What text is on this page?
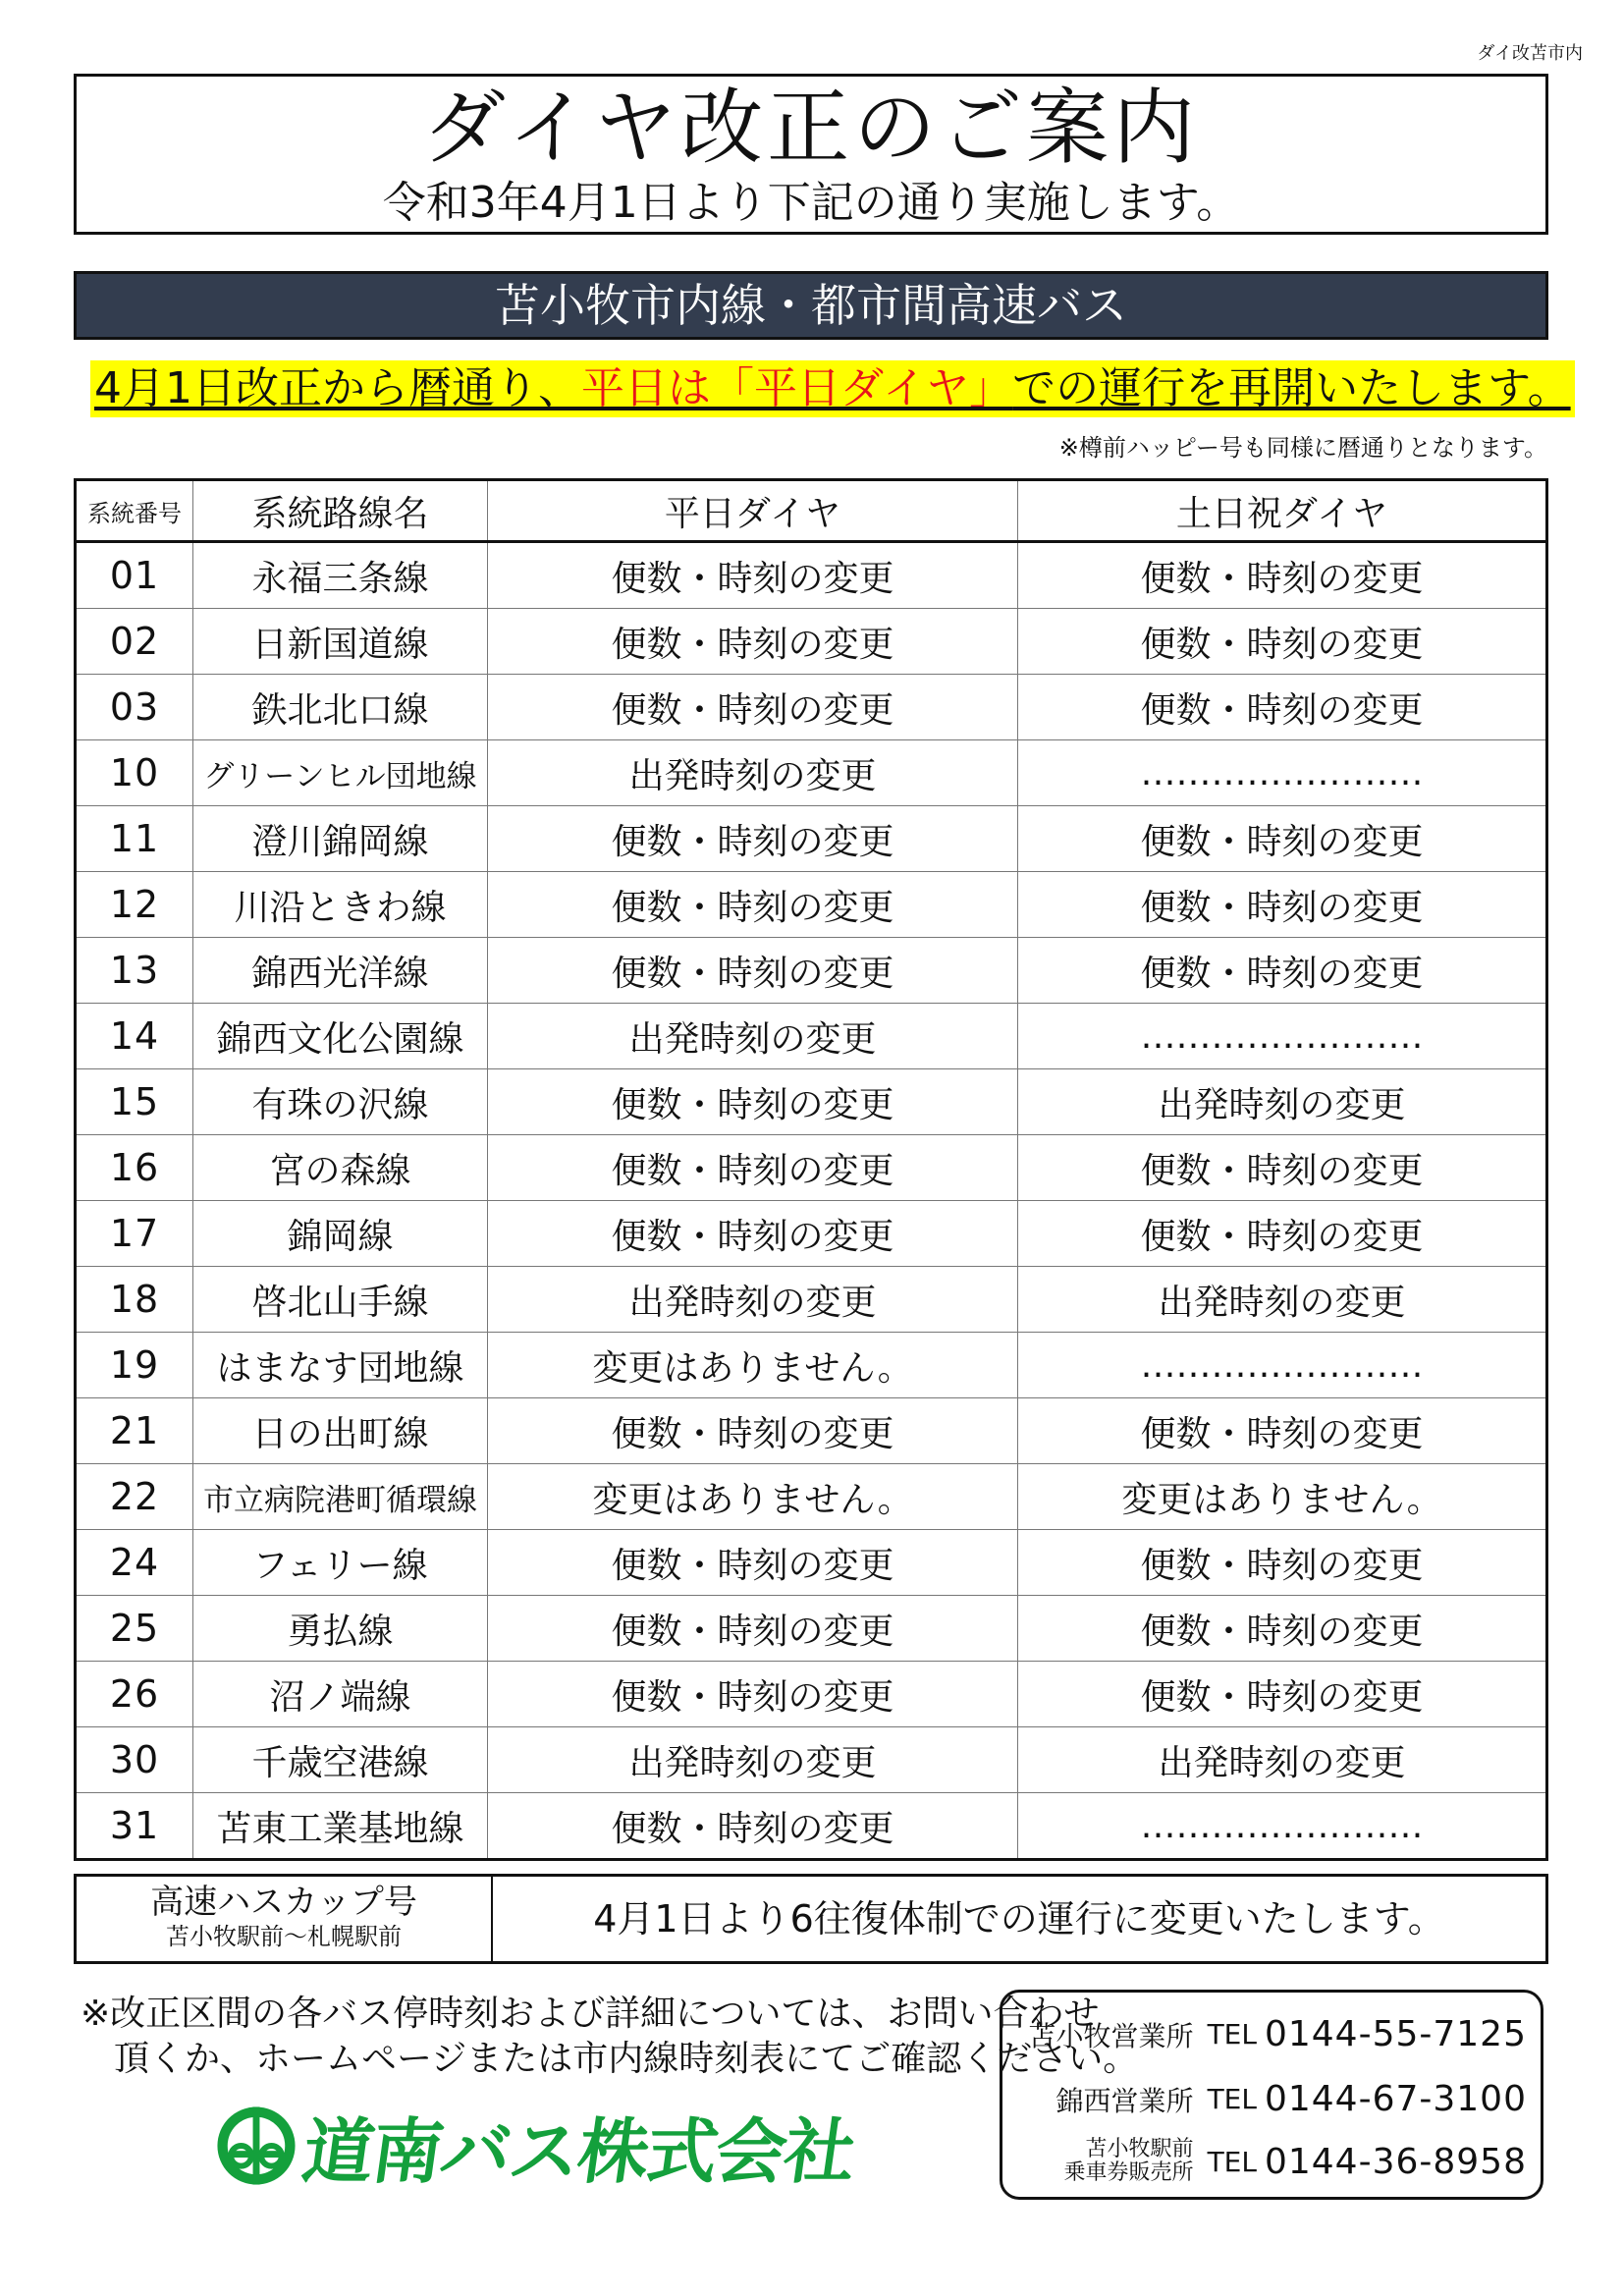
ダイ改苫市内
ダイヤ改正のご案内
令和3年4月1日より下記の通り実施します。
苫小牧市内線・都市間高速バス
4月1日改正から暦通り、平日は「平日ダイヤ」での運行を再開いたします。
※樽前ハッピー号も同様に暦通りとなります。
系統番号	系統路線名	平日ダイヤ	土日祝ダイヤ
01	永福三条線	便数・時刻の変更	便数・時刻の変更
02	日新国道線	便数・時刻の変更	便数・時刻の変更
03	鉄北北口線	便数・時刻の変更	便数・時刻の変更
10	グリーンヒル団地線	出発時刻の変更	……………………
11	澄川錦岡線	便数・時刻の変更	便数・時刻の変更
12	川沿ときわ線	便数・時刻の変更	便数・時刻の変更
13	錦西光洋線	便数・時刻の変更	便数・時刻の変更
14	錦西文化公園線	出発時刻の変更	……………………
15	有珠の沢線	便数・時刻の変更	出発時刻の変更
16	宮の森線	便数・時刻の変更	便数・時刻の変更
17	錦岡線	便数・時刻の変更	便数・時刻の変更
18	啓北山手線	出発時刻の変更	出発時刻の変更
19	はまなす団地線	変更はありません。	……………………
21	日の出町線	便数・時刻の変更	便数・時刻の変更
22	市立病院港町循環線	変更はありません。	変更はありません。
24	フェリー線	便数・時刻の変更	便数・時刻の変更
25	勇払線	便数・時刻の変更	便数・時刻の変更
26	沼ノ端線	便数・時刻の変更	便数・時刻の変更
30	千歳空港線	出発時刻の変更	出発時刻の変更
31	苫東工業基地線	便数・時刻の変更	……………………
高速ハスカップ号
苫小牧駅前～札幌駅前	4月1日より6往復体制での運行に変更いたします。
※改正区間の各バス停時刻および詳細については、お問い合わせ
頂くか、ホームページまたは市内線時刻表にてご確認ください。
道南バス株式会社
苫小牧営業所 TEL 0144-55-7125
錦西営業所 TEL 0144-67-3100
苫小牧駅前
乗車券販売所 TEL 0144-36-8958
